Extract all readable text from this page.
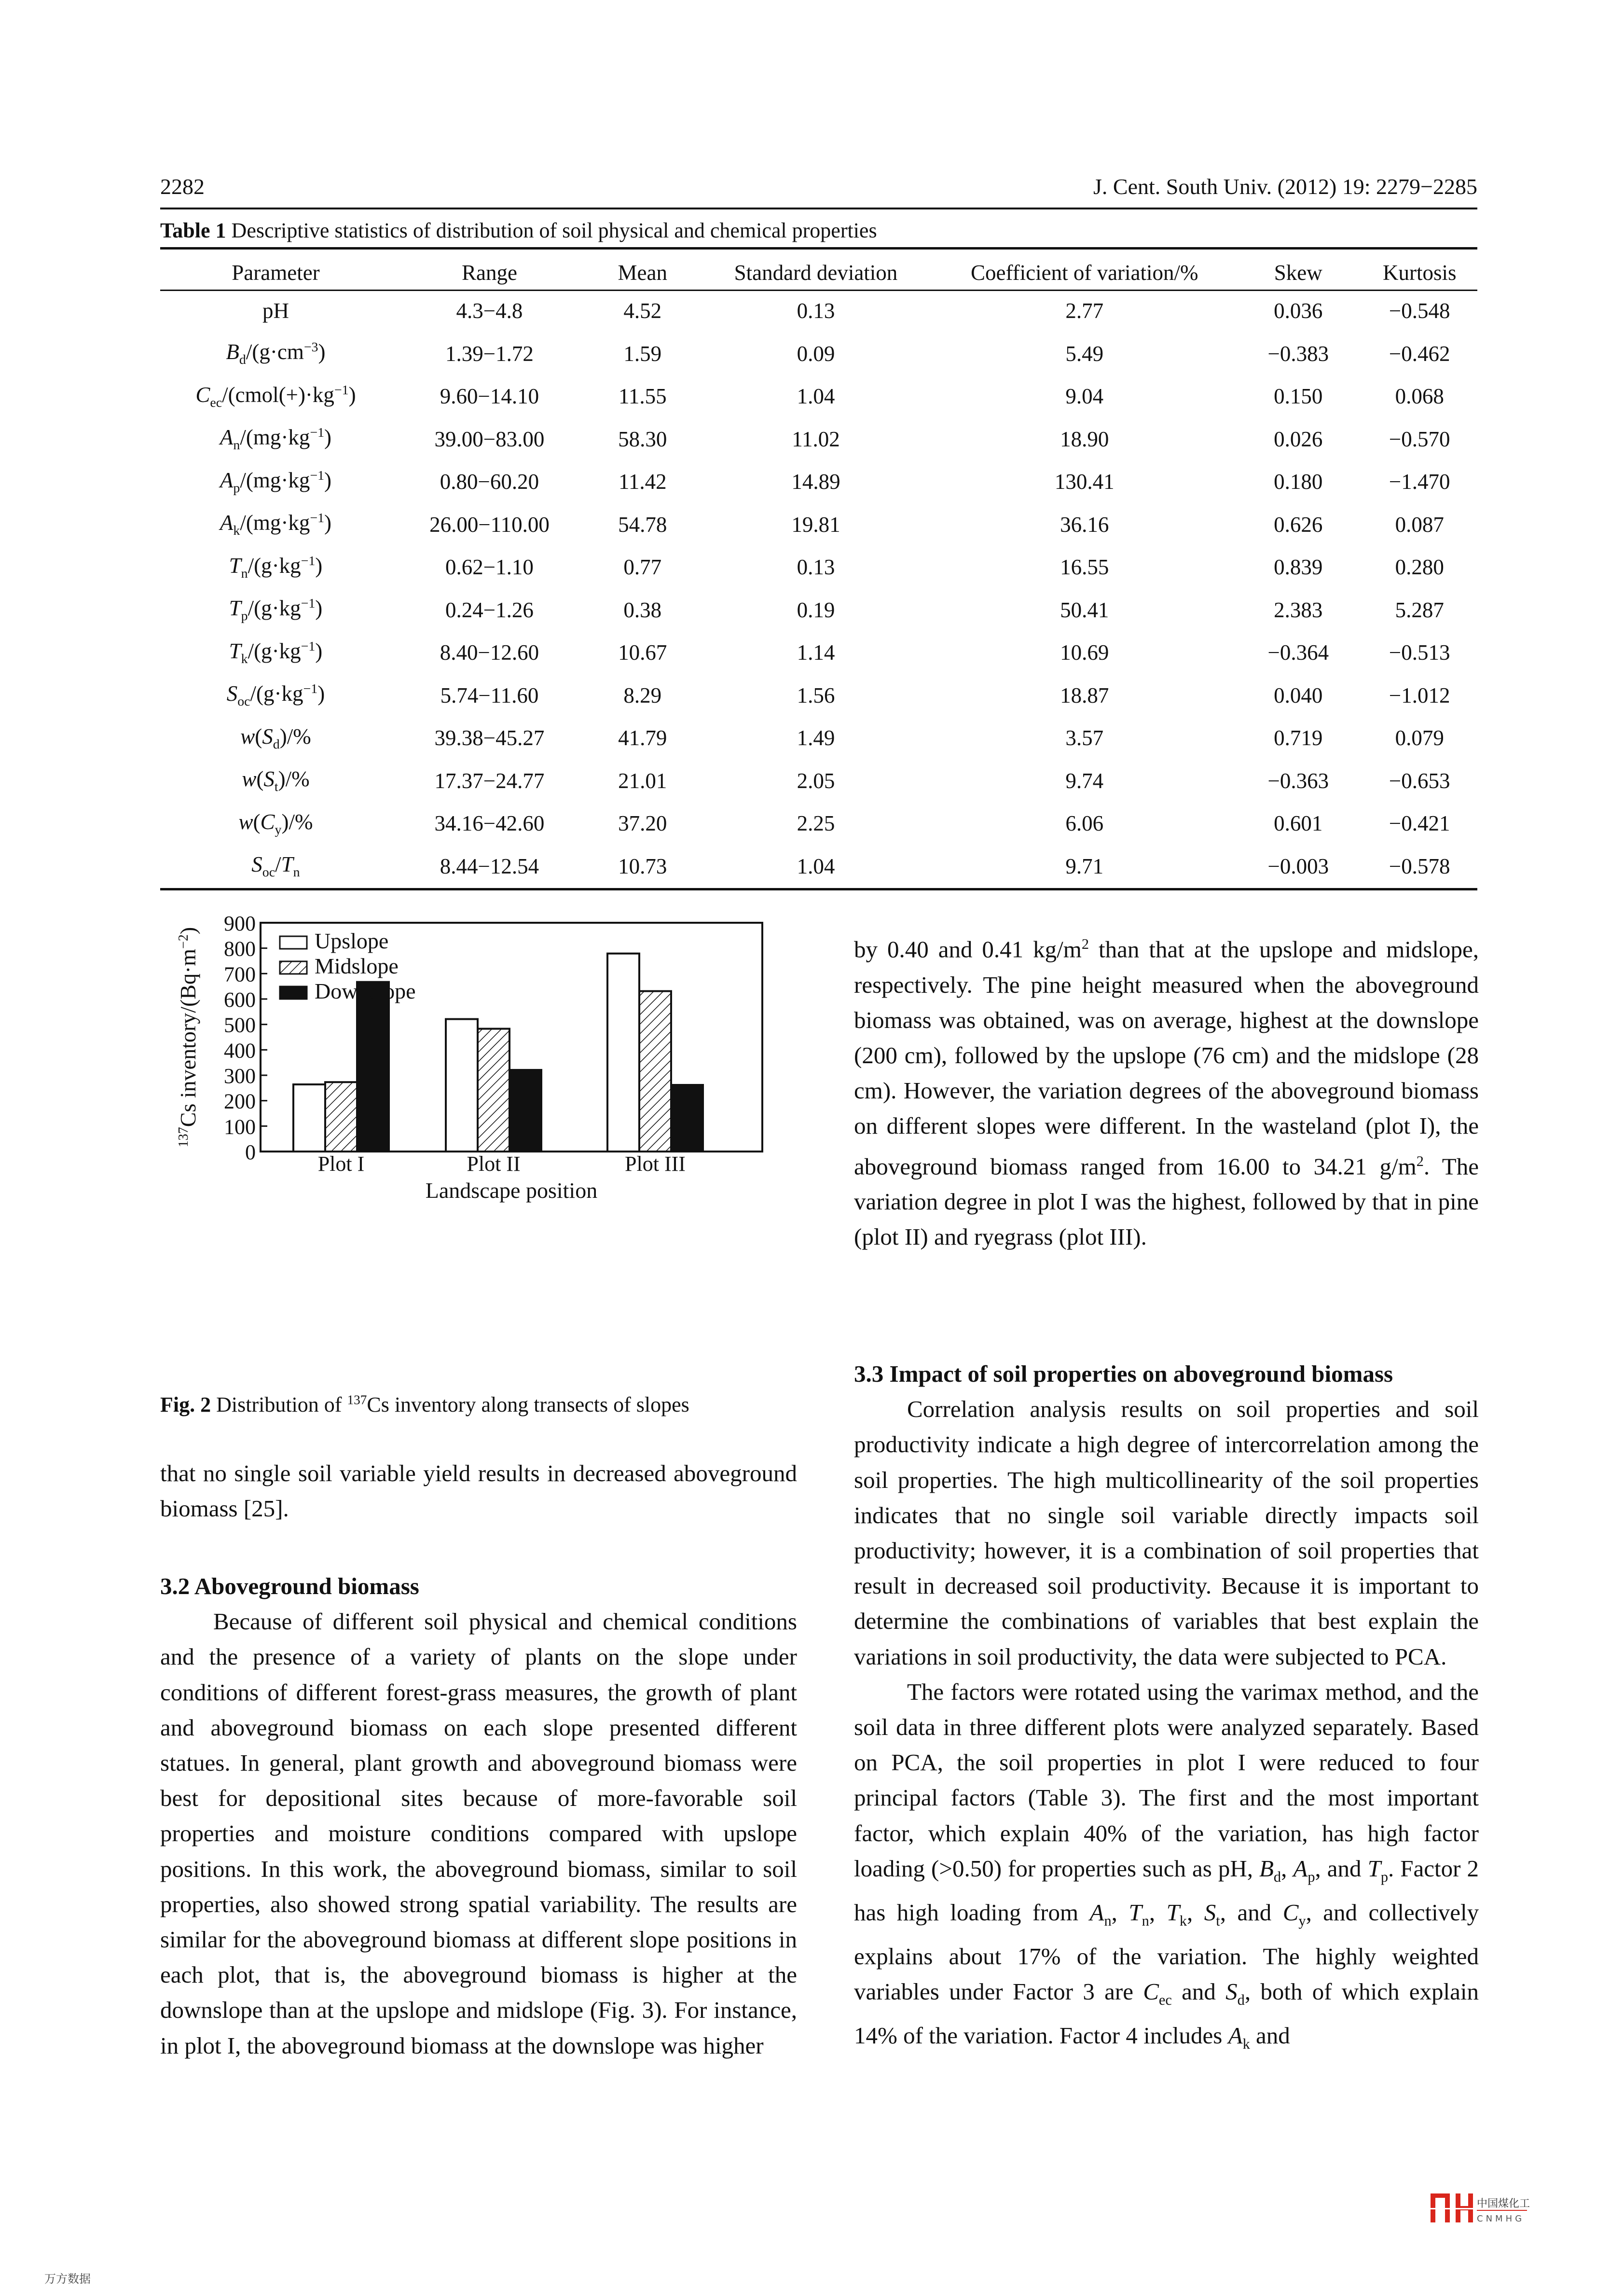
2282	J. Cent. South Univ. (2012) 19: 2279−2285
Table 1 Descriptive statistics of distribution of soil physical and chemical properties
Parameter	Range	Mean	Standard deviation	Coefficient of variation/%	Skew	Kurtosis
pH	4.3−4.8	4.52	0.13	2.77	0.036	−0.548
$B_d/(g\cdot cm^{-3})$	1.39−1.72	1.59	0.09	5.49	−0.383	−0.462
$C_{ec}/(cmol(+)\cdot kg^{-1})$	9.60−14.10	11.55	1.04	9.04	0.150	0.068
$A_n/(mg\cdot kg^{-1})$	39.00−83.00	58.30	11.02	18.90	0.026	−0.570
$A_p/(mg\cdot kg^{-1})$	0.80−60.20	11.42	14.89	130.41	0.180	−1.470
$A_k/(mg\cdot kg^{-1})$	26.00−110.00	54.78	19.81	36.16	0.626	0.087
$T_n/(g\cdot kg^{-1})$	0.62−1.10	0.77	0.13	16.55	0.839	0.280
$T_p/(g\cdot kg^{-1})$	0.24−1.26	0.38	0.19	50.41	2.383	5.287
$T_k/(g\cdot kg^{-1})$	8.40−12.60	10.67	1.14	10.69	−0.364	−0.513
$S_{oc}/(g\cdot kg^{-1})$	5.74−11.60	8.29	1.56	18.87	0.040	−1.012
$w(S_d)/\%$	39.38−45.27	41.79	1.49	3.57	0.719	0.079
$w(S_t)/\%$	17.37−24.77	21.01	2.05	9.74	−0.363	−0.653
$w(C_y)/\%$	34.16−42.60	37.20	2.25	6.06	0.601	−0.421
$S_{oc}/T_n$	8.44−12.54	10.73	1.04	9.71	−0.003	−0.578
0
100
200
300
400
500
600
700
800
900
$^{137}$Cs inventory/$(Bq\cdot m^{-2})$
Plot I	Plot II	Plot III
Landscape position
Upslope
Midslope
Downslope
Fig. 2 Distribution of $^{137}$Cs inventory along transects of slopes

that no single soil variable yield results in decreased aboveground biomass [25].

3.2 Aboveground biomass

Because of different soil physical and chemical conditions and the presence of a variety of plants on the slope under conditions of different forest-grass measures, the growth of plant and aboveground biomass on each slope presented different statues. In general, plant growth and aboveground biomass were best for depositional sites because of more-favorable soil properties and moisture conditions compared with upslope positions. In this work, the aboveground biomass, similar to soil properties, also showed strong spatial variability. The results are similar for the aboveground biomass at different slope positions in each plot, that is, the aboveground biomass is higher at the downslope than at the upslope and midslope (Fig. 3). For instance, in plot I, the aboveground biomass at the downslope was higher

by 0.40 and 0.41 $kg/m^2$ than that at the upslope and midslope, respectively. The pine height measured when the aboveground biomass was obtained, was on average, highest at the downslope (200 cm), followed by the upslope (76 cm) and the midslope (28 cm). However, the variation degrees of the aboveground biomass on different slopes were different. In the wasteland (plot I), the aboveground biomass ranged from 16.00 to 34.21 $g/m^2$. The variation degree in plot I was the highest, followed by that in pine (plot II) and ryegrass (plot III).

3.3 Impact of soil properties on aboveground biomass

Correlation analysis results on soil properties and soil productivity indicate a high degree of intercorrelation among the soil properties. The high multicollinearity of the soil properties indicates that no single soil variable directly impacts soil productivity; however, it is a combination of soil properties that result in decreased soil productivity. Because it is important to determine the combinations of variables that best explain the variations in soil productivity, the data were subjected to PCA.

The factors were rotated using the varimax method, and the soil data in three different plots were analyzed separately. Based on PCA, the soil properties in plot I were reduced to four principal factors (Table 3). The first and the most important factor, which explain 40% of the variation, has high factor loading (>0.50) for properties such as pH, $B_d$, $A_p$, and $T_p$. Factor 2 has high loading from $A_n$, $T_n$, $T_k$, $S_t$, and $C_y$, and collectively explains about 17% of the variation. The highly weighted variables under Factor 3 are $C_{ec}$ and $S_d$, both of which explain 14% of the variation. Factor 4 includes $A_k$ and

中国煤化工
CNMHG
万方数据
